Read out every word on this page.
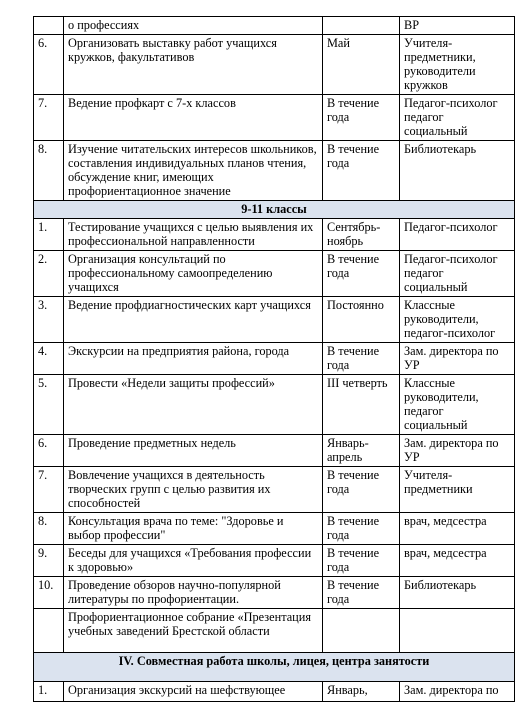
	о профессиях		ВР
6.	Организовать выставку работ учащихся кружков, факультативов	Май	Учителя-предметники, руководители кружков
7.	Ведение профкарт с 7-х классов	В течение года	Педагог-психолог педагог социальный
8.	Изучение читательских интересов школьников, составления индивидуальных планов чтения, обсуждение книг, имеющих профориентационное значение	В течение года	Библиотекарь
9-11 классы			
1.	Тестирование учащихся с целью выявления их профессиональной направленности	Сентябрь-ноябрь	Педагог-психолог
2.	Организация консультаций по профессиональному самоопределению учащихся	В течение года	Педагог-психолог педагог социальный
3.	Ведение профдиагностических карт учащихся	Постоянно	Классные руководители, педагог-психолог
4.	Экскурсии на предприятия района, города	В течение года	Зам. директора по УР
5.	Провести «Недели защиты профессий»	III четверть	Классные руководители, педагог социальный
6.	Проведение предметных недель	Январь-апрель	Зам. директора по УР
7.	Вовлечение учащихся в деятельность творческих групп с целью развития их способностей	В течение года	Учителя-предметники
8.	Консультация врача по теме: "Здоровье и выбор профессии"	В течение года	врач, медсестра
9.	Беседы для учащихся «Требования профессии к здоровью»	В течение года	врач, медсестра
10.	Проведение обзоров научно-популярной литературы по профориентации.	В течение года	Библиотекарь
	Профориентационное собрание «Презентация учебных заведений Брестской области		
IV. Совместная работа школы, лицея, центра занятости			
1.	Организация экскурсий на шефствующее	Январь,	Зам. директора по
